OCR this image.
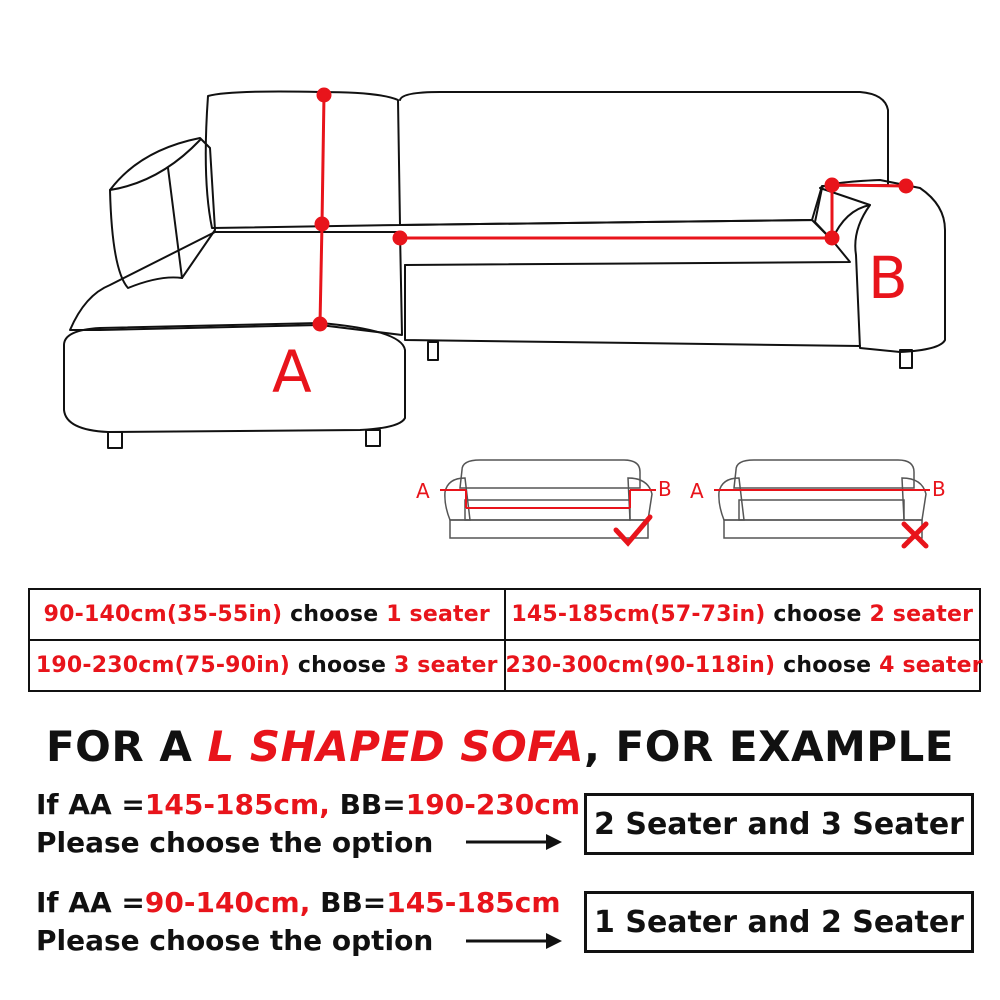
A
B
A	B A	B
90-140cm(35-55in) choose 1 seater	145-185cm(57-73in) choose 2 seater
190-230cm(75-90in) choose 3 seater	230-300cm(90-118in) choose 4 seater
FOR A L SHAPED SOFA, FOR EXAMPLE
If AA =145-185cm, BB=190-230cm
Please choose the option
2 Seater and 3 Seater
If AA =90-140cm, BB=145-185cm
Please choose the option
1 Seater and 2 Seater
